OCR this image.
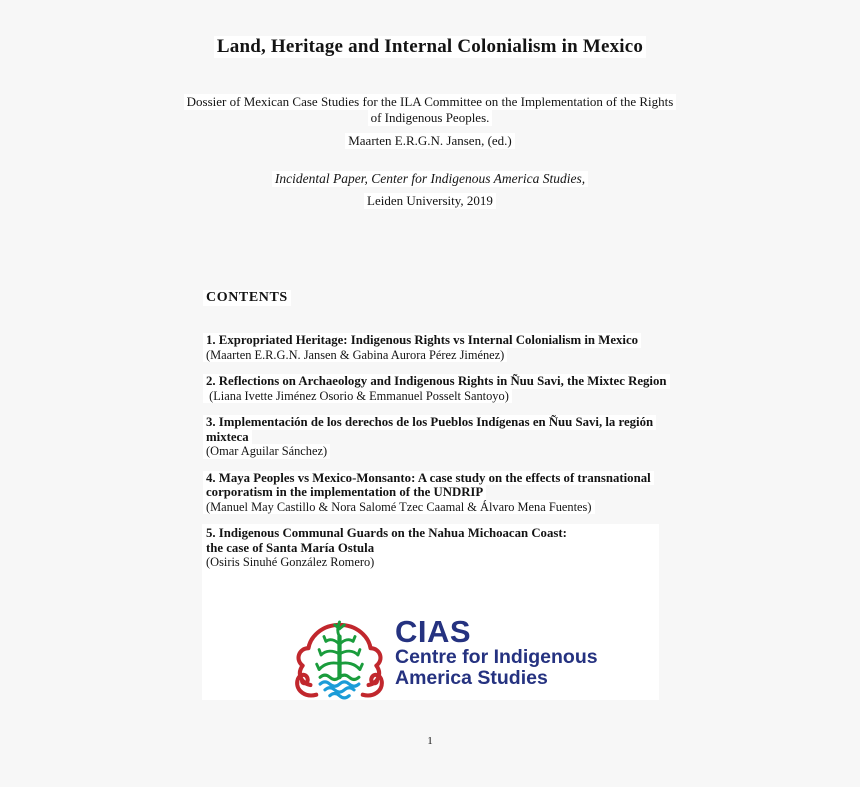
Land, Heritage and Internal Colonialism in Mexico
Dossier of Mexican Case Studies for the ILA Committee on the Implementation of the Rights
of Indigenous Peoples.
Maarten E.R.G.N. Jansen, (ed.)
Incidental Paper, Center for Indigenous America Studies,
Leiden University, 2019
CONTENTS
1. Expropriated Heritage: Indigenous Rights vs Internal Colonialism in Mexico
(Maarten E.R.G.N. Jansen & Gabina Aurora Pérez Jiménez)
2. Reflections on Archaeology and Indigenous Rights in Ñuu Savi, the Mixtec Region
(Liana Ivette Jiménez Osorio & Emmanuel Posselt Santoyo)
3. Implementación de los derechos de los Pueblos Indígenas en Ñuu Savi, la región
mixteca
(Omar Aguilar Sánchez)
4. Maya Peoples vs Mexico-Monsanto: A case study on the effects of transnational
corporatism in the implementation of the UNDRIP
(Manuel May Castillo & Nora Salomé Tzec Caamal & Álvaro Mena Fuentes)
5. Indigenous Communal Guards on the Nahua Michoacan Coast:
the case of Santa María Ostula
(Osiris Sinuhé González Romero)
CIAS
Centre for Indigenous
America Studies
1
